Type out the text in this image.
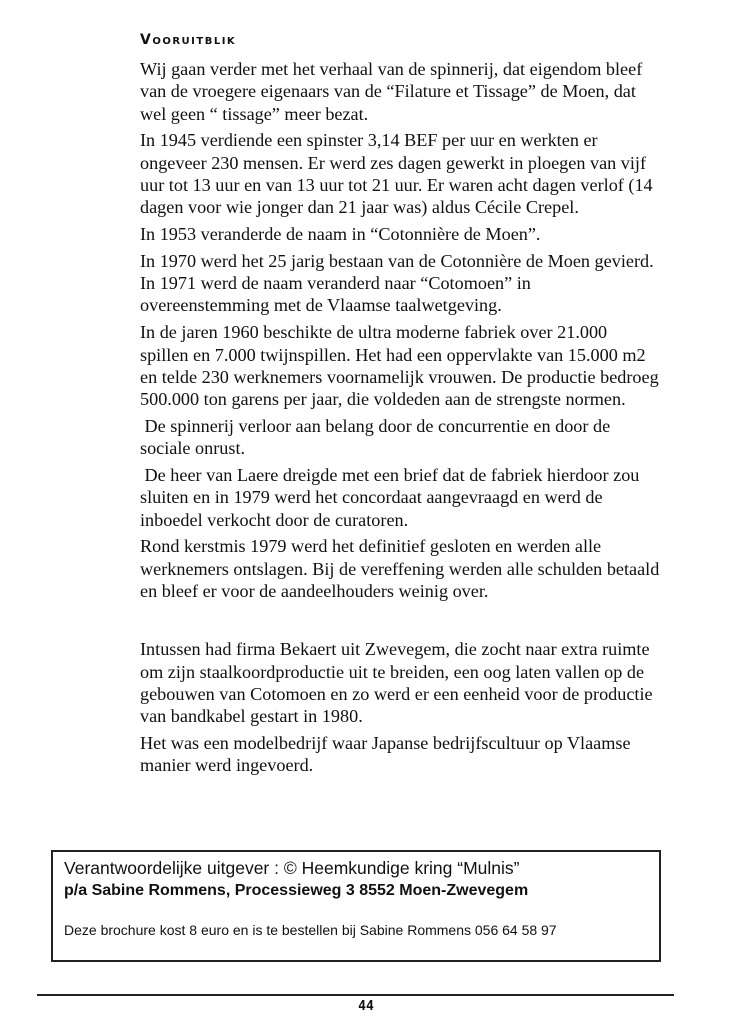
Vooruitblik

Wij gaan verder met het verhaal van de spinnerij, dat eigendom bleef van de vroegere eigenaars van de “Filature et Tissage” de Moen, dat wel geen “ tissage” meer bezat.

In 1945 verdiende een spinster 3,14 BEF per uur en werkten er ongeveer 230 mensen. Er werd zes dagen gewerkt in ploegen van vijf uur tot 13 uur en van 13 uur tot 21 uur. Er waren acht dagen verlof (14 dagen voor wie jonger dan 21 jaar was) aldus Cécile Crepel.

In 1953 veranderde de naam in “Cotonnière de Moen”.

In 1970 werd het 25 jarig bestaan van de Cotonnière de Moen gevierd. In 1971 werd de naam veranderd naar “Cotomoen” in overeenstemming met de Vlaamse taalwetgeving.

In de jaren 1960 beschikte de ultra moderne fabriek over 21.000 spillen en 7.000 twijnspillen. Het had een oppervlakte van 15.000 m2 en telde 230 werknemers voornamelijk vrouwen. De productie bedroeg 500.000 ton garens per jaar, die voldeden aan de strengste normen.

De spinnerij verloor aan belang door de concurrentie en door de sociale onrust.

De heer van Laere dreigde met een brief dat de fabriek hierdoor zou sluiten en in 1979 werd het concordaat aangevraagd en werd de inboedel verkocht door de curatoren.

Rond kerstmis 1979 werd het definitief gesloten en werden alle werknemers ontslagen. Bij de vereffening werden alle schulden betaald en bleef er voor de aandeelhouders weinig over.

Intussen had firma Bekaert uit Zwevegem, die zocht naar extra ruimte om zijn staalkoordproductie uit te breiden, een oog laten vallen op de gebouwen van Cotomoen en zo werd er een eenheid voor de productie van bandkabel gestart in 1980.

Het was een modelbedrijf waar Japanse bedrijfscultuur op Vlaamse manier werd ingevoerd.

Verantwoordelijke uitgever : © Heemkundige kring “Mulnis”
p/a Sabine Rommens, Processieweg 3 8552 Moen-Zwevegem
Deze brochure kost 8 euro en is te bestellen bij Sabine Rommens 056 64 58 97
44
